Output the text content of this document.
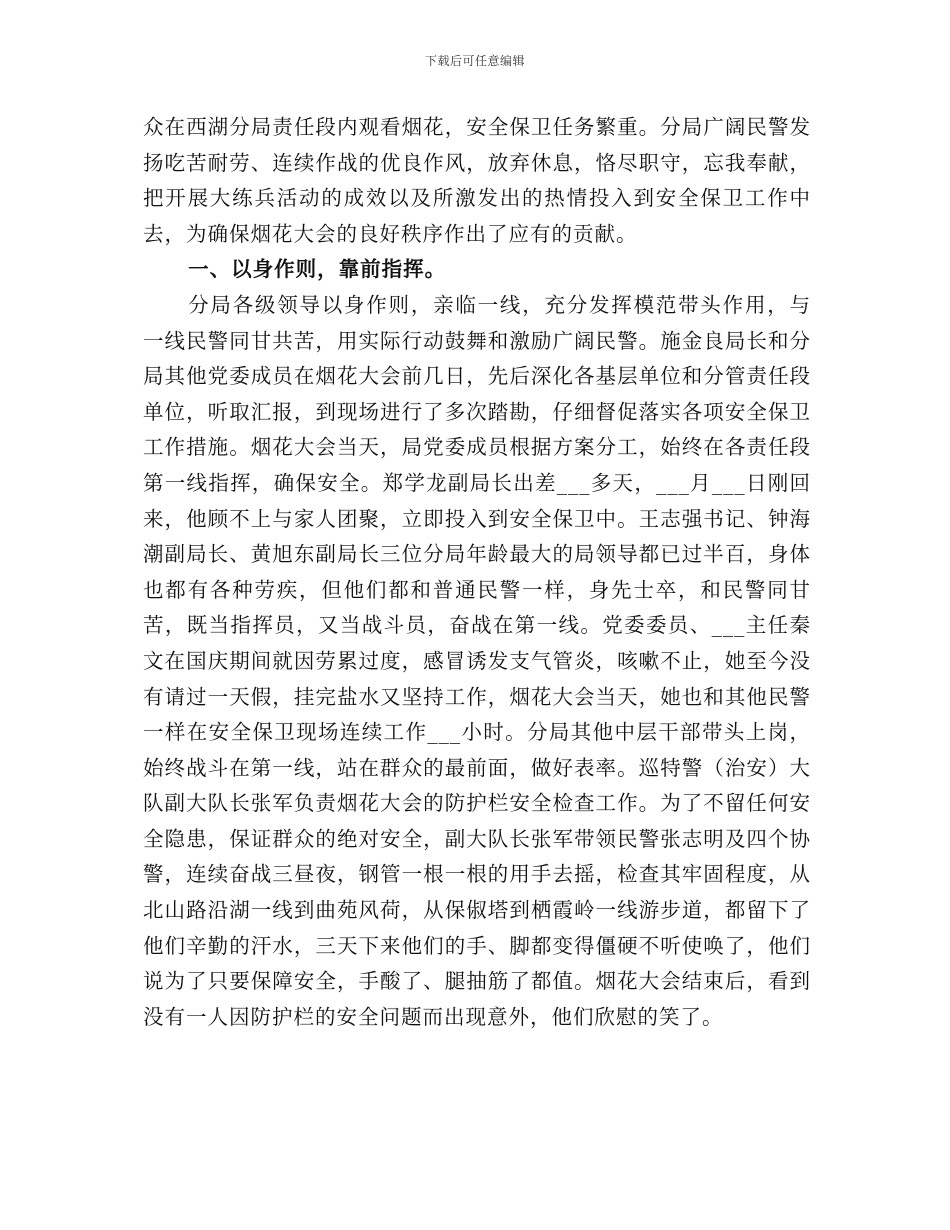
下载后可任意编辑

众在西湖分局责任段内观看烟花，安全保卫任务繁重。分局广阔民警发扬吃苦耐劳、连续作战的优良作风，放弃休息，恪尽职守，忘我奉献，把开展大练兵活动的成效以及所激发出的热情投入到安全保卫工作中去，为确保烟花大会的良好秩序作出了应有的贡献。

一、以身作则，靠前指挥。

分局各级领导以身作则，亲临一线，充分发挥模范带头作用，与一线民警同甘共苦，用实际行动鼓舞和激励广阔民警。施金良局长和分局其他党委成员在烟花大会前几日，先后深化各基层单位和分管责任段单位，听取汇报，到现场进行了多次踏勘，仔细督促落实各项安全保卫工作措施。烟花大会当天，局党委成员根据方案分工，始终在各责任段第一线指挥，确保安全。郑学龙副局长出差___多天，___月___日刚回来，他顾不上与家人团聚，立即投入到安全保卫中。王志强书记、钟海潮副局长、黄旭东副局长三位分局年龄最大的局领导都已过半百，身体也都有各种劳疾，但他们都和普通民警一样，身先士卒，和民警同甘苦，既当指挥员，又当战斗员，奋战在第一线。党委委员、___主任秦文在国庆期间就因劳累过度，感冒诱发支气管炎，咳嗽不止，她至今没有请过一天假，挂完盐水又坚持工作，烟花大会当天，她也和其他民警一样在安全保卫现场连续工作___小时。分局其他中层干部带头上岗，始终战斗在第一线，站在群众的最前面，做好表率。巡特警（治安）大队副大队长张军负责烟花大会的防护栏安全检查工作。为了不留任何安全隐患，保证群众的绝对安全，副大队长张军带领民警张志明及四个协警，连续奋战三昼夜，钢管一根一根的用手去摇，检查其牢固程度，从北山路沿湖一线到曲苑风荷，从保俶塔到栖霞岭一线游步道，都留下了他们辛勤的汗水，三天下来他们的手、脚都变得僵硬不听使唤了，他们说为了只要保障安全，手酸了、腿抽筋了都值。烟花大会结束后，看到没有一人因防护栏的安全问题而出现意外，他们欣慰的笑了。
